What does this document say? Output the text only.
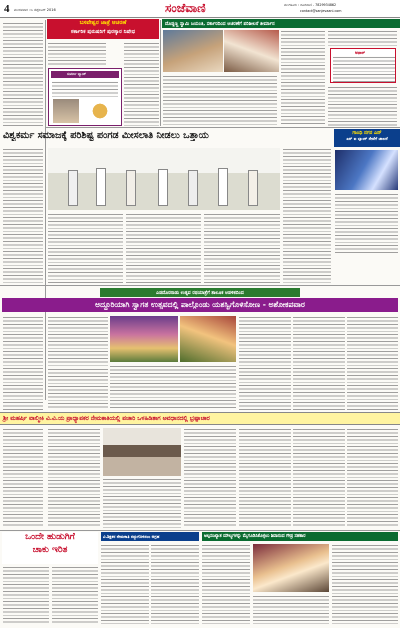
4 ಮಂಗಳವಾರ ೧೩ ಸೆಪ್ಟೆಂಬರ್ 2016	ಸಂಜೆವಾಣಿ	ಮಂಗಳೂರು : ದೂರವಾಣಿ - 7829934862
contact@sanjevaani.com
ಬಸವೇಶ್ವರ ಜಾತ್ರೆ ಆಚರಣೆ
ಸರ್ಕಾರಿಕ ಪುರುಷರಿಗೆ ಪುರಸ್ಕಾರ ನಿಷೇಧ
ಸುವರ್ಣ ಬ್ಯಾಂಕ್
ದೊಡ್ಡಣ್ಣ ಸ್ವಾಮಿ ಜಯಂತಿ, ಸರ್ಕಾರದಿಂದ ಆಚರಣೆಗೆ ಪರಿಶೀಲನೆ ತೀರ್ಮಾನ
ಆಧಾರ್
ವಿಶ್ವಕರ್ಮ ಸಮಾಜಕ್ಕೆ ಪರಿಶಿಷ್ಟ ಪಂಗಡ ಮೀಸಲಾತಿ ನೀಡಲು ಒತ್ತಾಯ	ಗಾಂಧಿ ನಗರ ಎನ್
ಎಸ್ ಐ ಬ್ಯಾಂಕ್ ಸೇವೆಗೆ ಚಾಲನೆ
ಎಡದೊರನಾಡು ಉತ್ಸವ ರಥಯಾತ್ರೆಗೆ ತಾಲೂಕ ಆಡಳಿತದಿಂದ
ಅದ್ದೂರಿಯಾಗಿ ಸ್ವಾಗತ ಉತ್ಸವದಲ್ಲಿ ಪಾಲ್ಗೊಂಡು ಯಶಸ್ವಿಗೊಳಿಸೋಣ - ಅಶೋಕಪವಾರ
ಶ್ರೀ ಮಹರ್ಷಿ ವಾಲ್ಮೀಕಿ ವಿ.ವಿ.ಯ ಪ್ರಾಧ್ಯಾಪಕರ ನೇಮಕಾತಿಯಲ್ಲಿ ಪಚಾರಿ ಒಳಹಿಡಿತಾಗ ಅವಧಾನದಲ್ಲಿ ಭ್ರಷ್ಟಾಚಾರ
ಒಂದೇ ಹುಡುಗಿಗೆ
ಚಾಕು ಇರಿತ
ವಿ.ಶಿಕ್ಷಕರ ನೇಮಕಾತಿ ರದ್ದುಗೊಳಿಸಲು ಆಗ್ರಹ	ಅಲ್ಪಸಂಖ್ಯಾತ ಮೌಲ್ಯಗಳನ್ನು ಮೈಗೂಡಿಸಿಕೊಳ್ಳಲು ಶಿವಾನಂದ ಗೌಡ್ರ ಸಹಕಾರ
